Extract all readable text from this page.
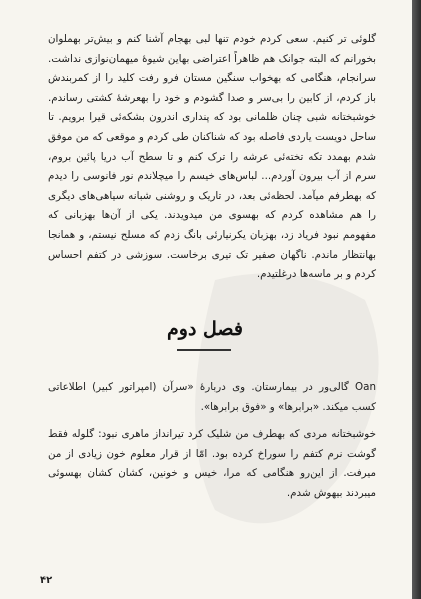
گلوئی تر کنیم. سعی کردم خودم تنها لبی بهجام آشنا کنم و بیش‌تر بهملوان بخورانم که البته جوانک هم ظاهراً اعتراضی بهاین شیوهٔ میهمان‌نوازی نداشت. سرانجام، هنگامی که بهخواب سنگین مستان فرو رفت کلید را از کمربندش باز کردم، از کابین‌ را بی‌سر و صدا گشودم و خود را بهعرشهٔ کشتی رساندم. خوشبختانه شبی چنان ظلمانی بود که پنداری اندرون بشکه‌ئی قیرا برویم. تا ساحل دویست یاردی فاصله بود که شناکنان طی کردم و موقعی که من موفق شدم بهمدد تکه‌ تخته‌ئی عرشه را ترک کنم و تا سطح آب دریا پائین بروم، سرم از آب بیرون آوردم... لباس‌های خیسم را میچلاندم نور فانوسی را دیدم که بهطرفم میآمد. لحظه‌ئی بعد، در تاریک و روشنی شبانه سیاهی‌های دیگری را هم مشاهده کردم که بهسوی من میدویدند. یکی از آن‌ها بهزبانی که مفهومم نبود فریاد زد، بهزبان یکرنیارئی بانگ زدم که مسلح نیستم، و همانجا بهانتظار ماندم. ناگهان صفیر تک تیری برخاست. سوزشی در کتفم احساس کردم و بر ماسه‌ها درغلتیدم.

فصل دوم

Oan گالی‌ور در بیمارستان. وی دربارهٔ «سرآن (امپراتور کبیر) اطلاعاتی کسب میکند. «برابرها» و «فوق برابرها».

خوشبختانه مردی که بهطرف من شلیک کرد تیرانداز ماهری نبود: گلوله فقط گوشت نرم کتفم را سوراخ کرده بود. امّا از قرار معلوم خون زیادی از من میرفت. از این‌رو هنگامی که مرا، خیس و خونین، کشان کشان بهسوئی میبردند بیهوش شدم.

۴۲
